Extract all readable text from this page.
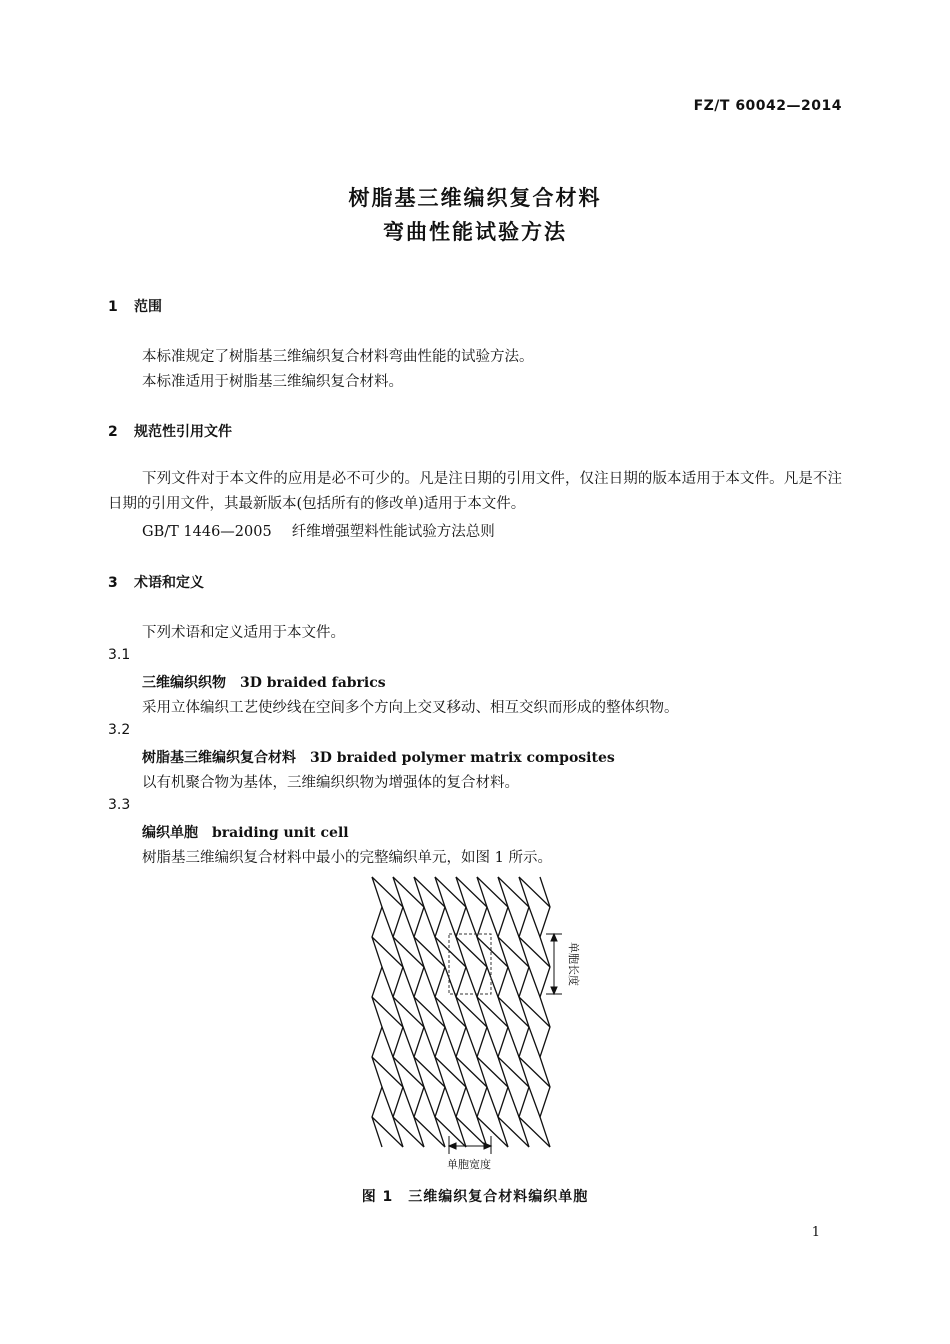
FZ/T 60042—2014
树脂基三维编织复合材料
弯曲性能试验方法
1 范围
本标准规定了树脂基三维编织复合材料弯曲性能的试验方法。
本标准适用于树脂基三维编织复合材料。
2 规范性引用文件
下列文件对于本文件的应用是必不可少的。凡是注日期的引用文件，仅注日期的版本适用于本文件。凡是不注日期的引用文件，其最新版本(包括所有的修改单)适用于本文件。
GB/T 1446—2005 纤维增强塑料性能试验方法总则
3 术语和定义
下列术语和定义适用于本文件。
3.1
三维编织织物 3D braided fabrics
采用立体编织工艺使纱线在空间多个方向上交叉移动、相互交织而形成的整体织物。
3.2
树脂基三维编织复合材料 3D braided polymer matrix composites
以有机聚合物为基体，三维编织织物为增强体的复合材料。
3.3
编织单胞 braiding unit cell
树脂基三维编织复合材料中最小的完整编织单元，如图 1 所示。
单胞长度
单胞宽度
图 1　三维编织复合材料编织单胞
1
